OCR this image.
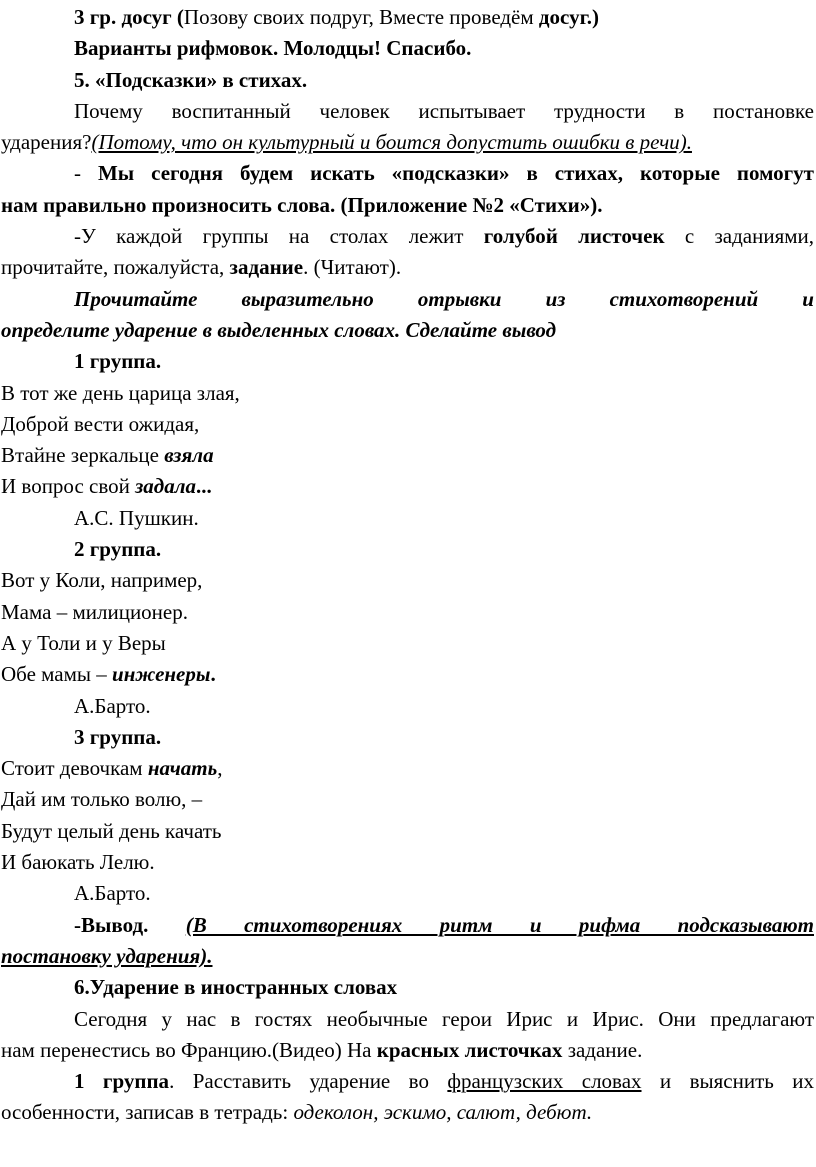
3 гр. досуг (Позову своих подруг, Вместе проведём досуг.)
Варианты рифмовок. Молодцы! Спасибо.
5. «Подсказки» в стихах.
Почему воспитанный человек испытывает трудности в постановке
ударения?(Потому, что он культурный и боится допустить ошибки в речи).
- Мы сегодня будем искать «подсказки» в стихах, которые помогут
нам правильно произносить слова. (Приложение №2 «Стихи»).
-У каждой группы на столах лежит голубой листочек с заданиями,
прочитайте, пожалуйста, задание. (Читают).
Прочитайте выразительно отрывки из стихотворений и
определите ударение в выделенных словах. Сделайте вывод
1 группа.
В тот же день царица злая,
Доброй вести ожидая,
Втайне зеркальце взяла
И вопрос свой задала...
А.С. Пушкин.
2 группа.
Вот у Коли, например,
Мама – милиционер.
А у Толи и у Веры
Обе мамы – инженеры.
А.Барто.
3 группа.
Стоит девочкам начать,
Дай им только волю, –
Будут целый день качать
И баюкать Лелю.
А.Барто.
-Вывод. (В стихотворениях ритм и рифма подсказывают
постановку ударения).
6.Ударение в иностранных словах
Сегодня у нас в гостях необычные герои Ирис и Ирис. Они предлагают
нам перенестись во Францию.(Видео) На красных листочках задание.
1 группа. Расставить ударение во французских словах и выяснить их
особенности, записав в тетрадь: одеколон, эскимо, салют, дебют.
